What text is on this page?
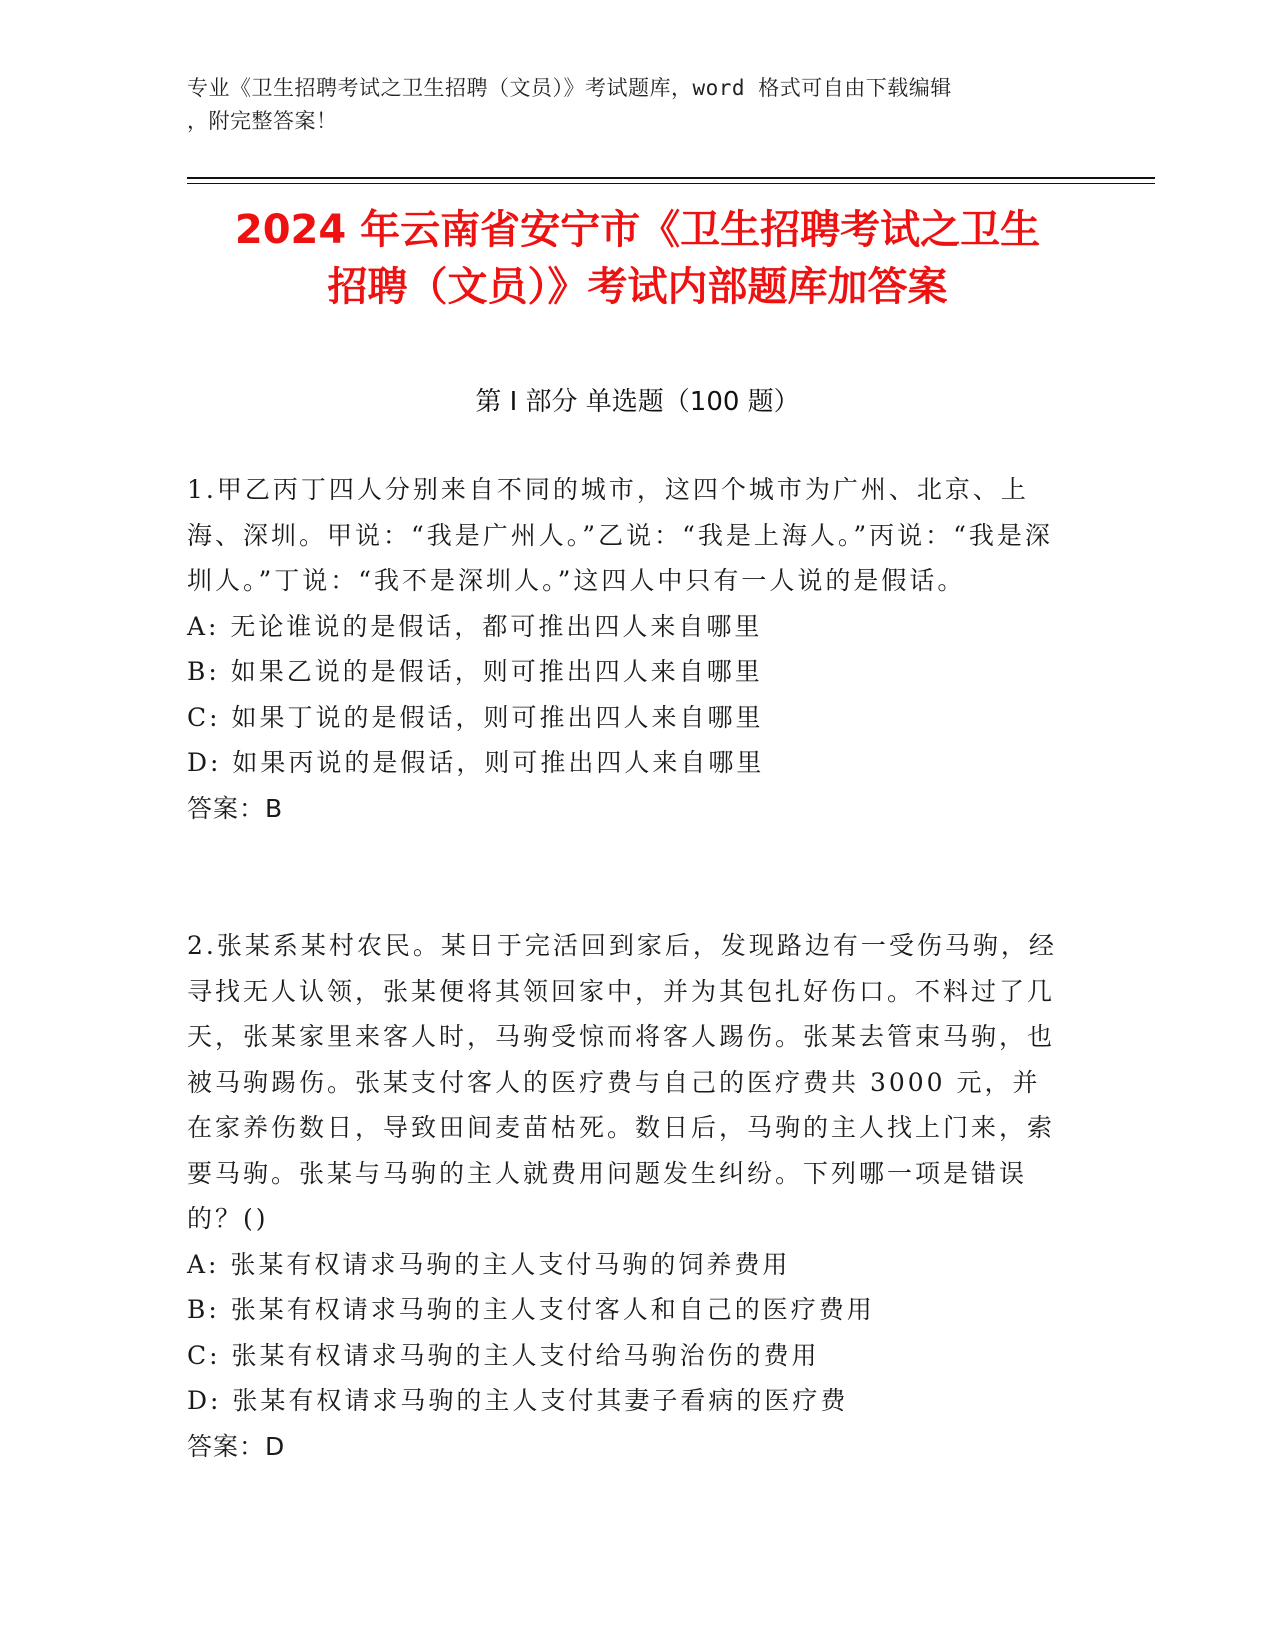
专业《卫生招聘考试之卫生招聘（文员）》考试题库，word 格式可自由下载编辑
，附完整答案！
2024 年云南省安宁市《卫生招聘考试之卫生
招聘（文员）》考试内部题库加答案
第 I 部分 单选题（100 题）

1.甲乙丙丁四人分别来自不同的城市，这四个城市为广州、北京、上海、深圳。甲说：“我是广州人。”乙说：“我是上海人。”丙说：“我是深圳人。”丁说：“我不是深圳人。”这四人中只有一人说的是假话。

A: 无论谁说的是假话，都可推出四人来自哪里

B: 如果乙说的是假话，则可推出四人来自哪里

C: 如果丁说的是假话，则可推出四人来自哪里

D: 如果丙说的是假话，则可推出四人来自哪里

答案：B

2.张某系某村农民。某日于完活回到家后，发现路边有一受伤马驹，经寻找无人认领，张某便将其领回家中，并为其包扎好伤口。不料过了几天，张某家里来客人时，马驹受惊而将客人踢伤。张某去管束马驹，也被马驹踢伤。张某支付客人的医疗费与自己的医疗费共 3000 元，并在家养伤数日，导致田间麦苗枯死。数日后，马驹的主人找上门来，索要马驹。张某与马驹的主人就费用问题发生纠纷。下列哪一项是错误的？()

A: 张某有权请求马驹的主人支付马驹的饲养费用

B: 张某有权请求马驹的主人支付客人和自己的医疗费用

C: 张某有权请求马驹的主人支付给马驹治伤的费用

D: 张某有权请求马驹的主人支付其妻子看病的医疗费

答案：D
